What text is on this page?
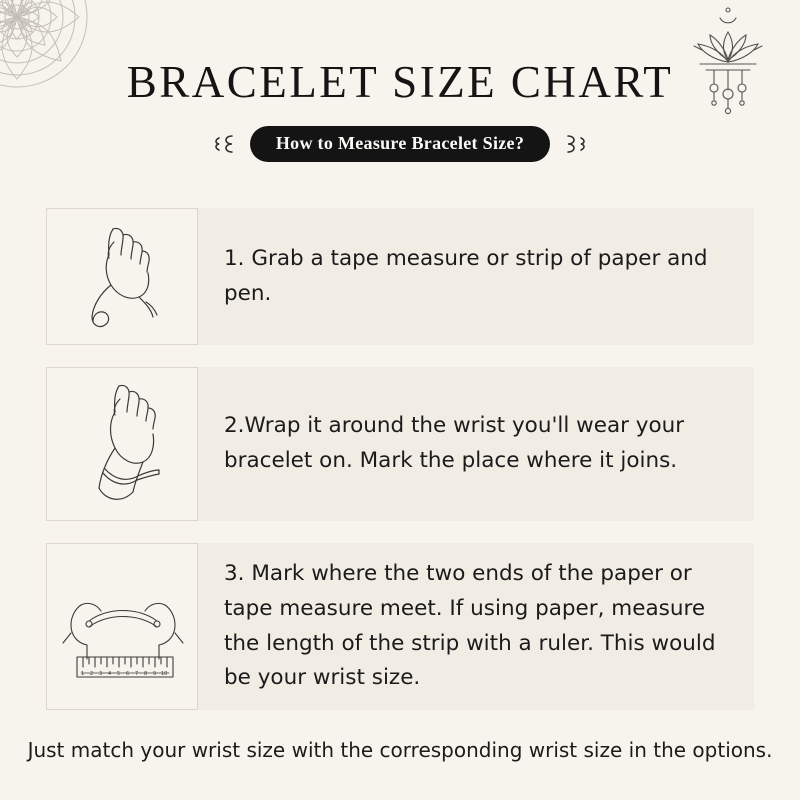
BRACELET SIZE CHART
How to Measure Bracelet Size?
1. Grab a tape measure or strip of paper and pen.
2.Wrap it around the wrist you'll wear your bracelet on. Mark the place where it joins.
1 2 3 4 5 6 7 8 9 10
3. Mark where the two ends of the paper or tape measure meet. If using paper, measure the length of the strip with a ruler. This would be your wrist size.
Just match your wrist size with the corresponding wrist size in the options.
